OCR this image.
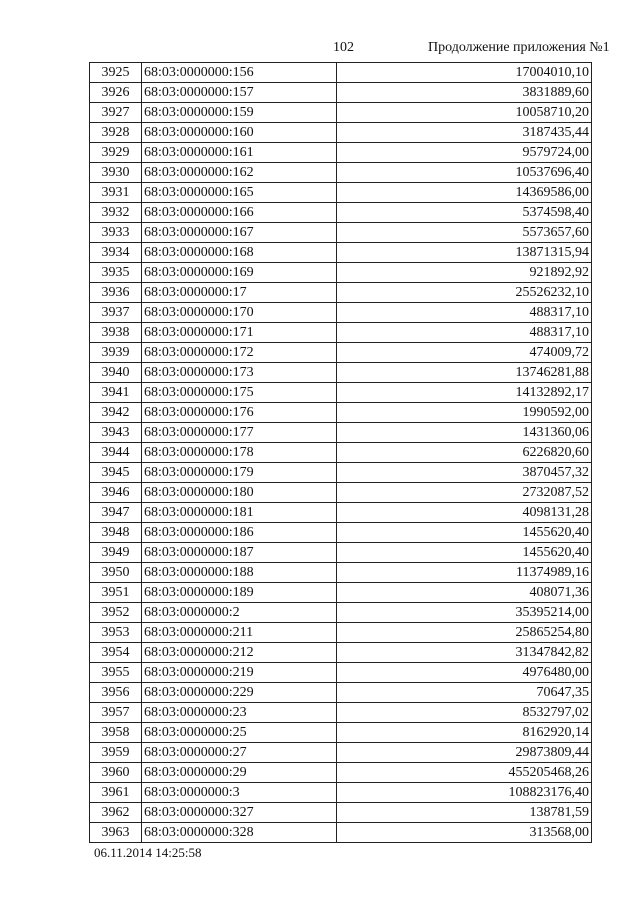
102	Продолжение приложения №1
3925	68:03:0000000:156	17004010,10
3926	68:03:0000000:157	3831889,60
3927	68:03:0000000:159	10058710,20
3928	68:03:0000000:160	3187435,44
3929	68:03:0000000:161	9579724,00
3930	68:03:0000000:162	10537696,40
3931	68:03:0000000:165	14369586,00
3932	68:03:0000000:166	5374598,40
3933	68:03:0000000:167	5573657,60
3934	68:03:0000000:168	13871315,94
3935	68:03:0000000:169	921892,92
3936	68:03:0000000:17	25526232,10
3937	68:03:0000000:170	488317,10
3938	68:03:0000000:171	488317,10
3939	68:03:0000000:172	474009,72
3940	68:03:0000000:173	13746281,88
3941	68:03:0000000:175	14132892,17
3942	68:03:0000000:176	1990592,00
3943	68:03:0000000:177	1431360,06
3944	68:03:0000000:178	6226820,60
3945	68:03:0000000:179	3870457,32
3946	68:03:0000000:180	2732087,52
3947	68:03:0000000:181	4098131,28
3948	68:03:0000000:186	1455620,40
3949	68:03:0000000:187	1455620,40
3950	68:03:0000000:188	11374989,16
3951	68:03:0000000:189	408071,36
3952	68:03:0000000:2	35395214,00
3953	68:03:0000000:211	25865254,80
3954	68:03:0000000:212	31347842,82
3955	68:03:0000000:219	4976480,00
3956	68:03:0000000:229	70647,35
3957	68:03:0000000:23	8532797,02
3958	68:03:0000000:25	8162920,14
3959	68:03:0000000:27	29873809,44
3960	68:03:0000000:29	455205468,26
3961	68:03:0000000:3	108823176,40
3962	68:03:0000000:327	138781,59
3963	68:03:0000000:328	313568,00
06.11.2014 14:25:58
